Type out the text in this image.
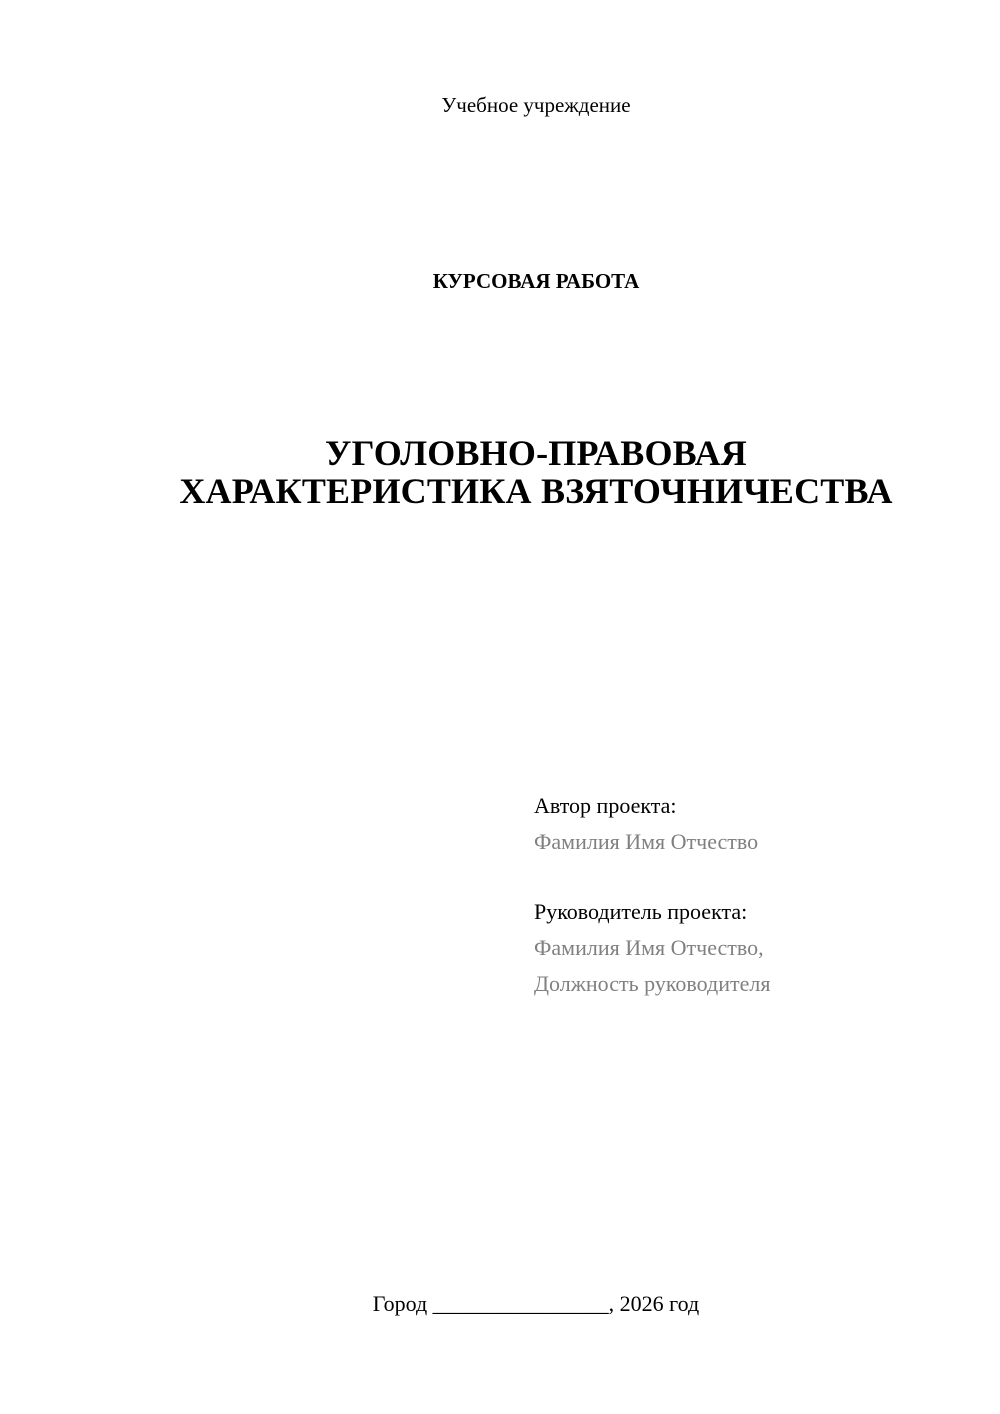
Учебное учреждение
КУРСОВАЯ РАБОТА
УГОЛОВНО-ПРАВОВАЯ
ХАРАКТЕРИСТИКА ВЗЯТОЧНИЧЕСТВА
Автор проекта:
Фамилия Имя Отчество
Руководитель проекта:
Фамилия Имя Отчество,
Должность руководителя
Город ________________, 2026 год
